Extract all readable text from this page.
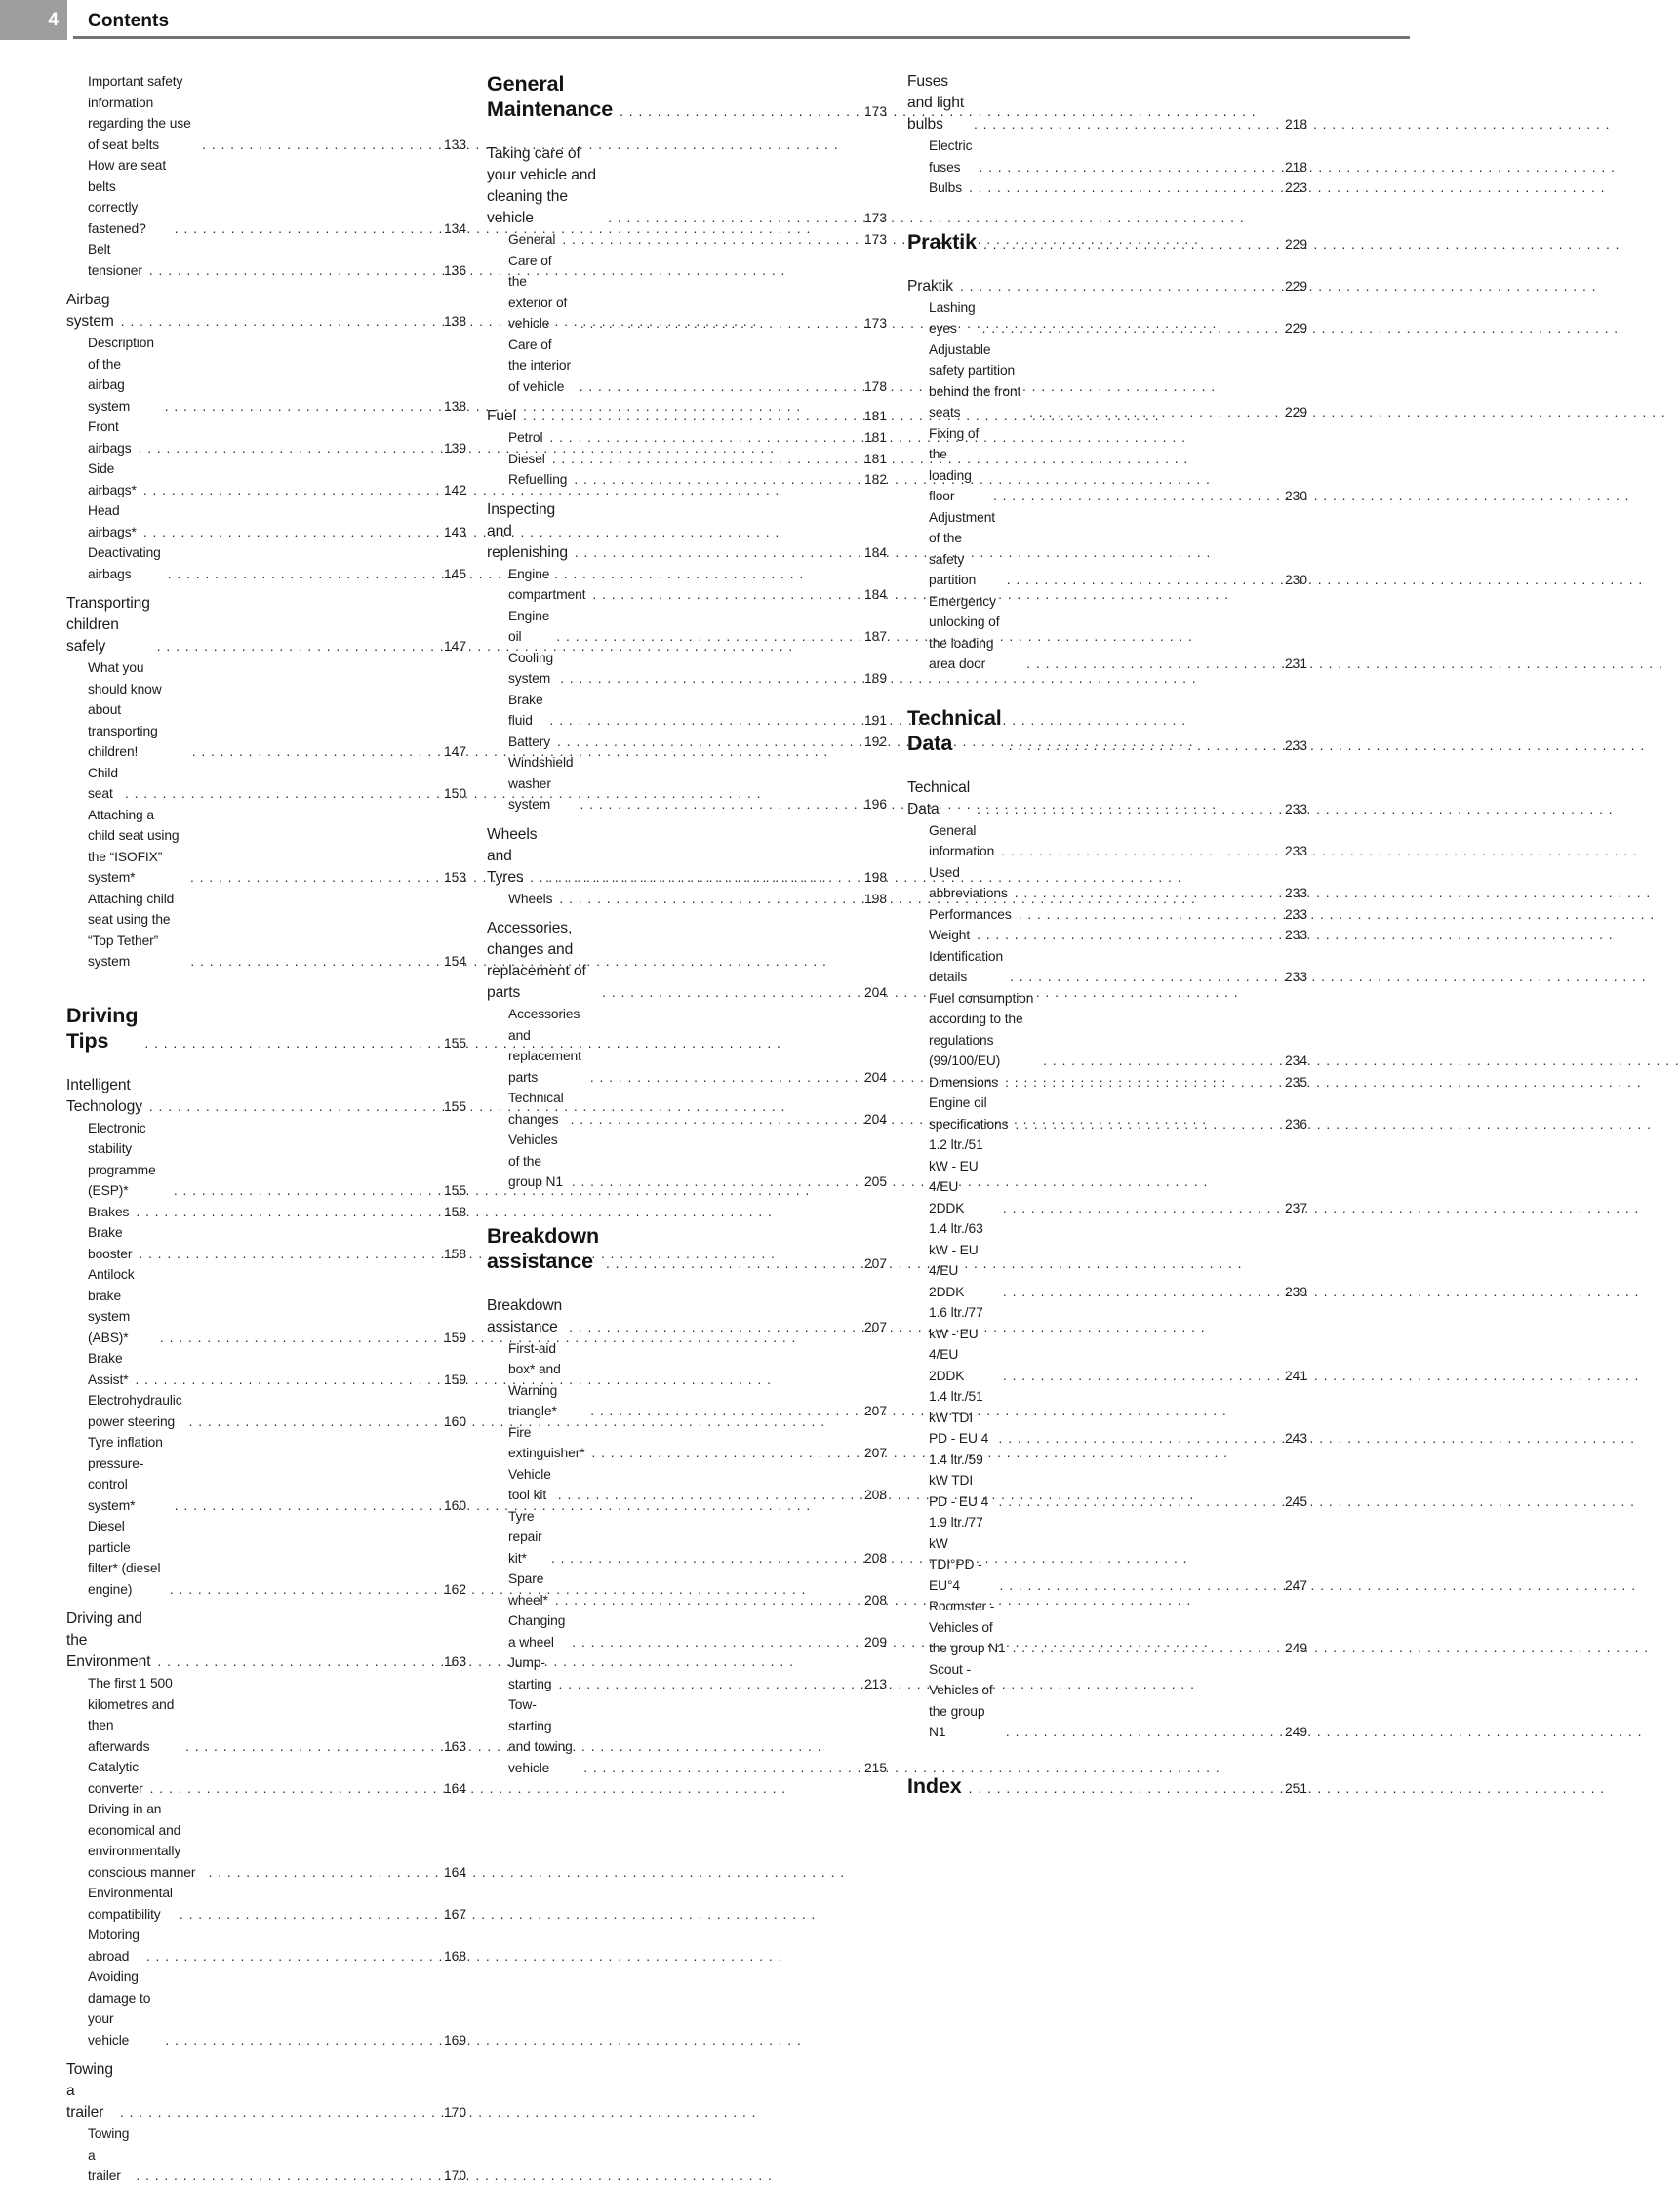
4 Contents
Important safety information regarding the use of seat belts . . .	133
How are seat belts correctly fastened? . . .	134
Belt tensioner . . .	136
Airbag system . . .	138
Description of the airbag system . . .	138
Front airbags . . .	139
Side airbags* . . .	142
Head airbags* . . .	143
Deactivating airbags . . .	145
Transporting children safely . . .	147
What you should know about transporting children! . . .	147
Child seat . . .	150
Attaching a child seat using the “ISOFIX” system* . . .	153
Attaching child seat using the “Top Tether” system . . .	154
Driving Tips . . .	155
Intelligent Technology . . .	155
Electronic stability programme (ESP)* . . .	155
Brakes . . .	158
Brake booster . . .	158
Antilock brake system (ABS)* . . .	159
Brake Assist* . . .	159
Electrohydraulic power steering . . .	160
Tyre inflation pressure-control system* . . .	160
Diesel particle filter* (diesel engine) . . .	162
Driving and the Environment . . .	163
The first 1 500 kilometres and then afterwards . . .	163
Catalytic converter . . .	164
Driving in an economical and environmentally conscious manner . . .	164
Environmental compatibility . . .	167
Motoring abroad . . .	168
Avoiding damage to your vehicle . . .	169
Towing a trailer . . .	170
Towing a trailer . . .	170
General Maintenance . . .	173
Taking care of your vehicle and cleaning the vehicle . . .	173
General . . .	173
Care of the exterior of vehicle . . .	173
Care of the interior of vehicle . . .	178
Fuel . . .	181
Petrol . . .	181
Diesel . . .	181
Refuelling . . .	182
Inspecting and replenishing . . .	184
Engine compartment . . .	184
Engine oil . . .	187
Cooling system . . .	189
Brake fluid . . .	191
Battery . . .	192
Windshield washer system . . .	196
Wheels and Tyres . . .	198
Wheels . . .	198
Accessories, changes and replacement of parts . . .	204
Accessories and replacement parts . . .	204
Technical changes . . .	204
Vehicles of the group N1 . . .	205
Breakdown assistance . . .	207
Breakdown assistance . . .	207
First-aid box* and Warning triangle* . . .	207
Fire extinguisher* . . .	207
Vehicle tool kit . . .	208
Tyre repair kit* . . .	208
Spare wheel* . . .	208
Changing a wheel . . .	209
Jump-starting . . .	213
Tow-starting and towing vehicle . . .	215
Fuses and light bulbs . . .	218
Electric fuses . . .	218
Bulbs . . .	223
Praktik . . .	229
Praktik . . .	229
Lashing eyes . . .	229
Adjustable safety partition behind the front seats . . .	229
Fixing of the loading floor . . .	230
Adjustment of the safety partition . . .	230
Emergency unlocking of the loading area door . . .	231
Technical Data . . .	233
Technical Data . . .	233
General information . . .	233
Used abbreviations . . .	233
Performances . . .	233
Weight . . .	233
Identification details . . .	233
Fuel consumption according to the regulations (99/100/EU) . . .	234
Dimensions . . .	235
Engine oil specifications . . .	236
1.2 ltr./51 kW - EU 4/EU 2DDK . . .	237
1.4 ltr./63 kW - EU 4/EU 2DDK . . .	239
1.6 ltr./77 kW - EU 4/EU 2DDK . . .	241
1.4 ltr./51 kW TDI PD - EU 4 . . .	243
1.4 ltr./59 kW TDI PD - EU 4 . . .	245
1.9 ltr./77 kW TDI°PD - EU°4 . . .	247
Roomster - Vehicles of the group N1 . . .	249
Scout - Vehicles of the group N1 . . .	249
Index . . .	251
